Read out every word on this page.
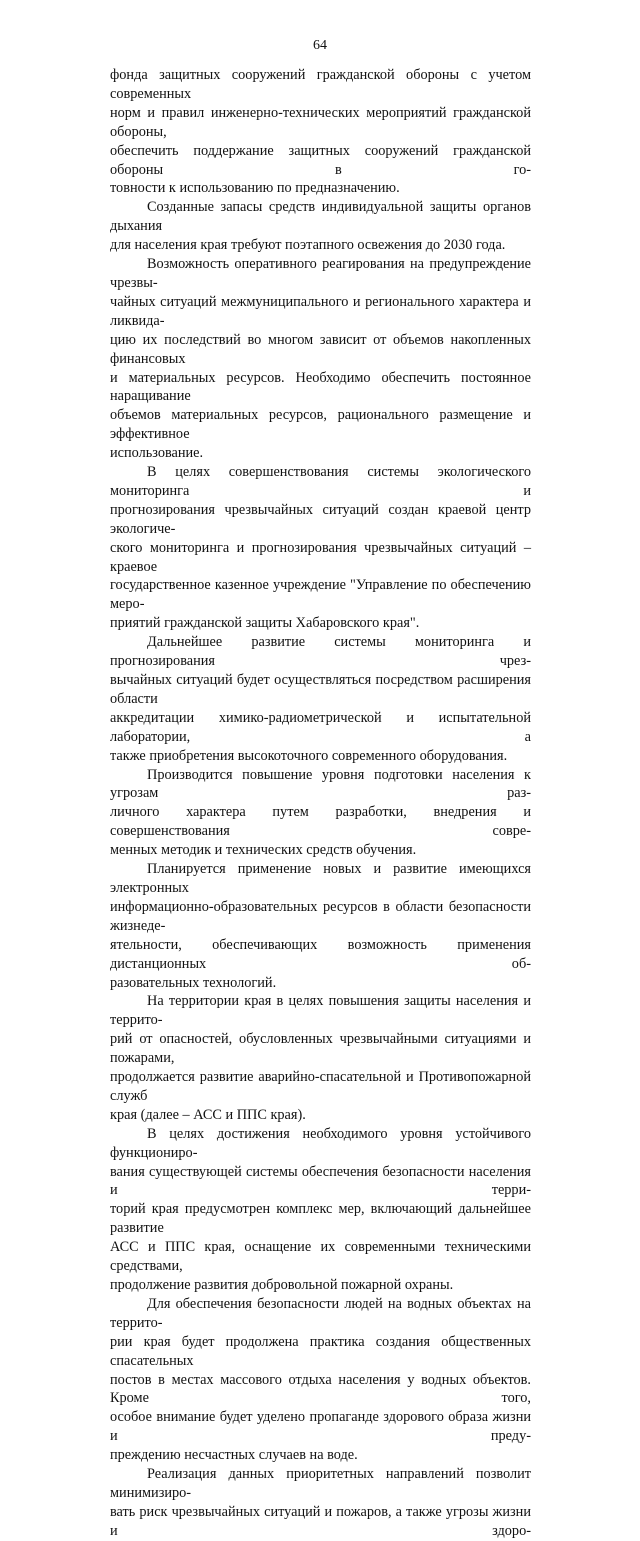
64

фонда защитных сооружений гражданской обороны с учетом современных
норм и правил инженерно-технических мероприятий гражданской обороны,
обеспечить поддержание защитных сооружений гражданской обороны в го-
товности к использованию по предназначению.

Созданные запасы средств индивидуальной защиты органов дыхания
для населения края требуют поэтапного освежения до 2030 года.

Возможность оперативного реагирования на предупреждение чрезвы-
чайных ситуаций межмуниципального и регионального характера и ликвида-
цию их последствий во многом зависит от объемов накопленных финансовых
и материальных ресурсов. Необходимо обеспечить постоянное наращивание
объемов материальных ресурсов, рационального размещение и эффективное
использование.

В целях совершенствования системы экологического мониторинга и
прогнозирования чрезвычайных ситуаций создан краевой центр экологиче-
ского мониторинга и прогнозирования чрезвычайных ситуаций – краевое
государственное казенное учреждение "Управление по обеспечению меро-
приятий гражданской защиты Хабаровского края".

Дальнейшее развитие системы мониторинга и прогнозирования чрез-
вычайных ситуаций будет осуществляться посредством расширения области
аккредитации химико-радиометрической и испытательной лаборатории, а
также приобретения высокоточного современного оборудования.

Производится повышение уровня подготовки населения к угрозам раз-
личного характера путем разработки, внедрения и совершенствования совре-
менных методик и технических средств обучения.

Планируется применение новых и развитие имеющихся электронных
информационно-образовательных ресурсов в области безопасности жизнеде-
ятельности, обеспечивающих возможность применения дистанционных об-
разовательных технологий.

На территории края в целях повышения защиты населения и террито-
рий от опасностей, обусловленных чрезвычайными ситуациями и пожарами,
продолжается развитие аварийно-спасательной и Противопожарной служб
края (далее – АСС и ППС края).

В целях достижения необходимого уровня устойчивого функциониро-
вания существующей системы обеспечения безопасности населения и терри-
торий края предусмотрен комплекс мер, включающий дальнейшее развитие
АСС и ППС края, оснащение их современными техническими средствами,
продолжение развития добровольной пожарной охраны.

Для обеспечения безопасности людей на водных объектах на террито-
рии края будет продолжена практика создания общественных спасательных
постов в местах массового отдыха населения у водных объектов. Кроме того,
особое внимание будет уделено пропаганде здорового образа жизни и преду-
преждению несчастных случаев на воде.

Реализация данных приоритетных направлений позволит минимизиро-
вать риск чрезвычайных ситуаций и пожаров, а также угрозы жизни и здоро-
